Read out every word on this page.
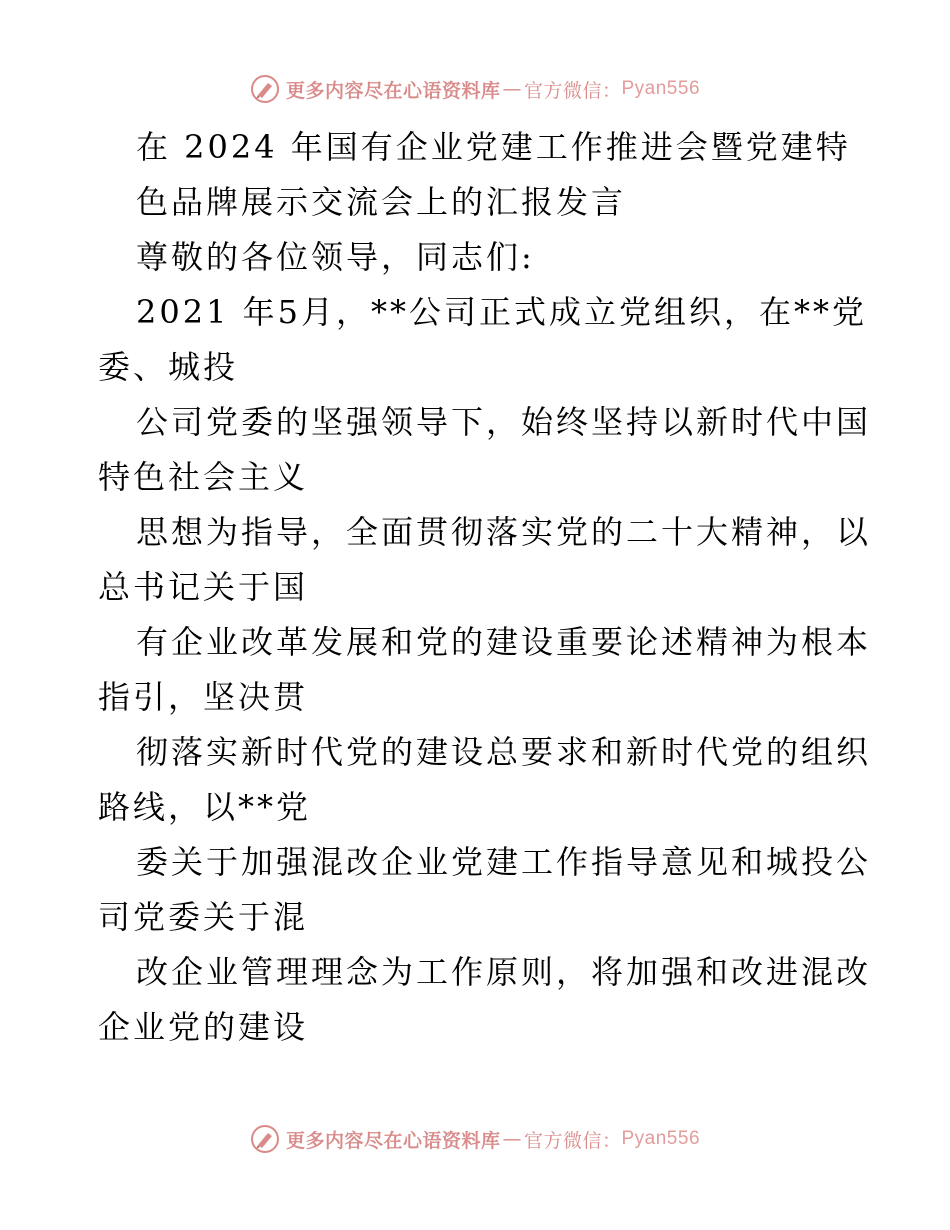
更多内容尽在心语资料库 — 官方微信： Pyan556
在 2024 年国有企业党建工作推进会暨党建特
色品牌展示交流会上的汇报发言
尊敬的各位领导，同志们:
2021 年5月，**公司正式成立党组织，在**党
委、城投
公司党委的坚强领导下，始终坚持以新时代中国
特色社会主义
思想为指导，全面贯彻落实党的二十大精神，以
总书记关于国
有企业改革发展和党的建设重要论述精神为根本
指引，坚决贯
彻落实新时代党的建设总要求和新时代党的组织
路线，以**党
委关于加强混改企业党建工作指导意见和城投公
司党委关于混
改企业管理理念为工作原则，将加强和改进混改
企业党的建设
更多内容尽在心语资料库 — 官方微信： Pyan556
